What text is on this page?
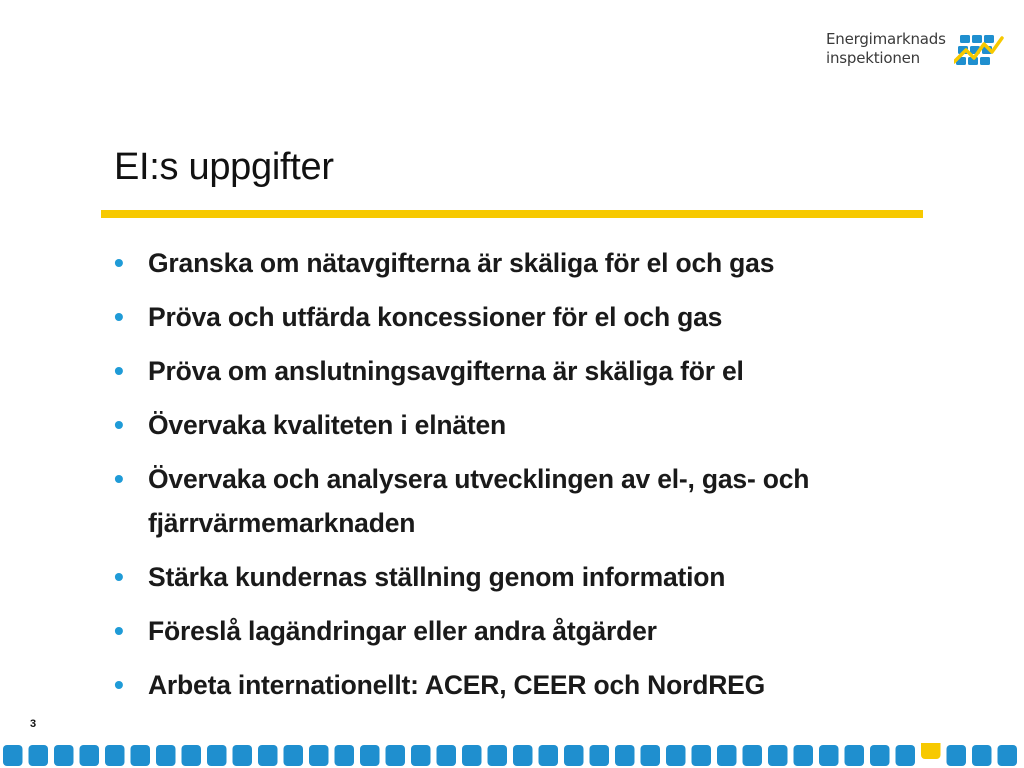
Energimarknads
inspektionen
EI:s uppgifter
• Granska om nätavgifterna är skäliga för el och gas
• Pröva och utfärda koncessioner för el och gas
• Pröva om anslutningsavgifterna är skäliga för el
• Övervaka kvaliteten i elnäten
• Övervaka och analysera utvecklingen av el-, gas- och fjärrvärmemarknaden
• Stärka kundernas ställning genom information
• Föreslå lagändringar eller andra åtgärder
• Arbeta internationellt: ACER, CEER och NordREG
3
